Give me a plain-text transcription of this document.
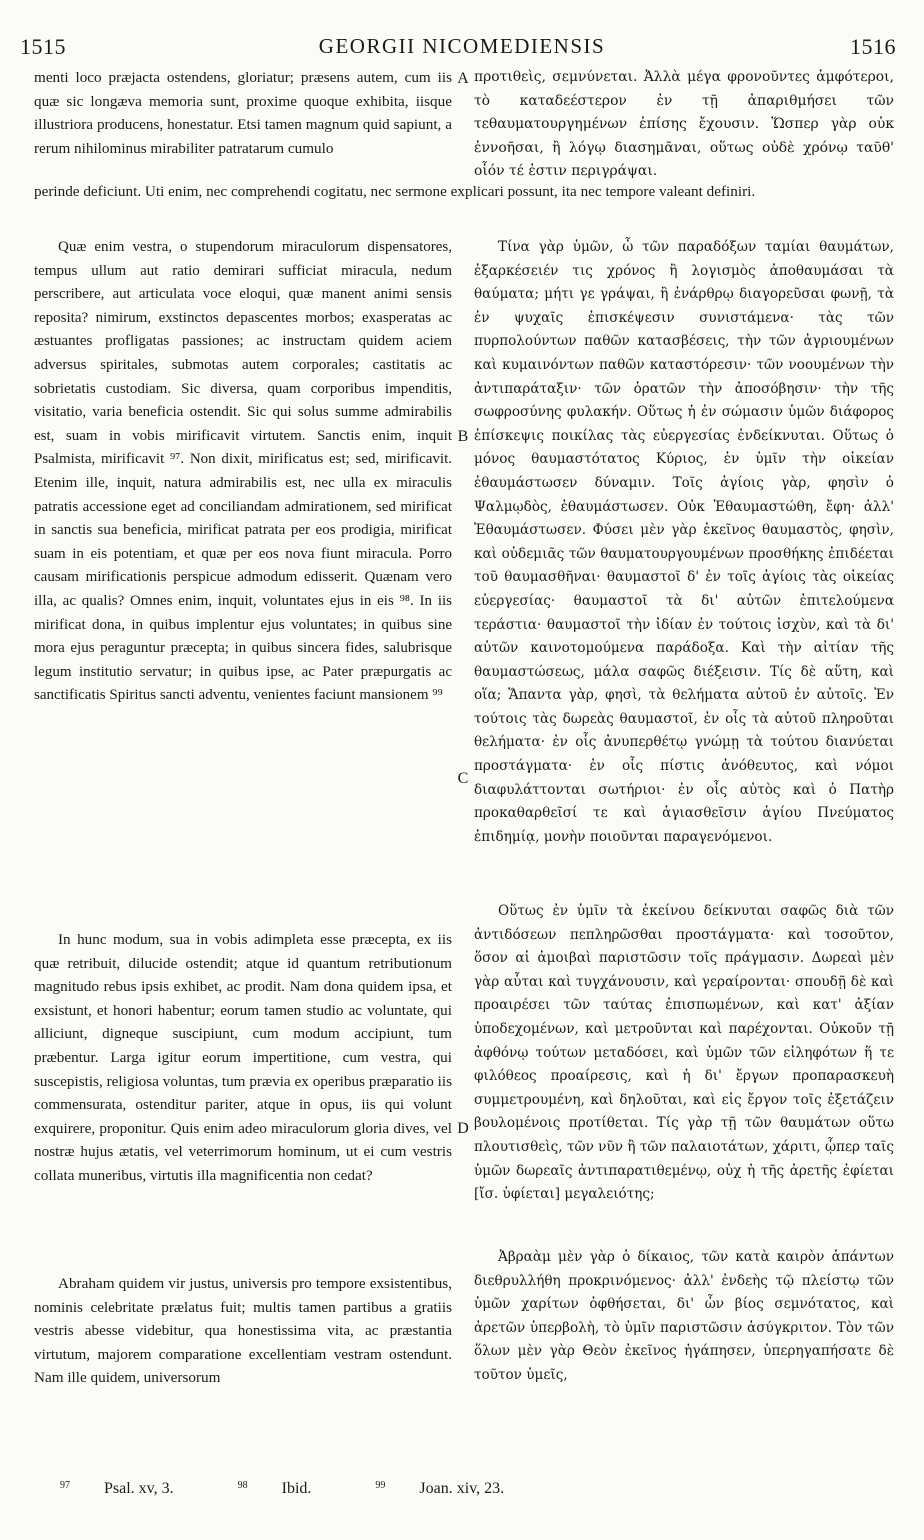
1515	GEORGII NICOMEDIENSIS	1516

menti loco præjacta ostendens, gloriatur; præsens autem, cum iis quæ sic longæva memoria sunt, proxime quoque exhibita, iisque illustriora producens, honestatur. Etsi tamen magnum quid sapiunt, a rerum nihilominus mirabiliter patratarum cumulo

perinde deficiunt. Uti enim, nec comprehendi cogitatu, nec sermone explicari possunt, ita nec tempore valeant definiri.

Quæ enim vestra, o stupendorum miraculorum dispensatores, tempus ullum aut ratio demirari sufficiat miracula, nedum perscribere, aut articulata voce eloqui, quæ manent animi sensis reposita? nimirum, exstinctos depascentes morbos; exasperatas ac æstuantes profligatas passiones; ac instructam quidem aciem adversus spiritales, submotas autem corporales; castitatis ac sobrietatis custodiam. Sic diversa, quam corporibus impenditis, visitatio, varia beneficia ostendit. Sic qui solus summe admirabilis est, suam in vobis mirificavit virtutem. Sanctis enim, inquit Psalmista, mirificavit ⁹⁷. Non dixit, mirificatus est; sed, mirificavit. Etenim ille, inquit, natura admirabilis est, nec ulla ex miraculis patratis accessione eget ad conciliandam admirationem, sed mirificat in sanctis sua beneficia, mirificat patrata per eos prodigia, mirificat suam in eis potentiam, et quæ per eos nova fiunt miracula. Porro causam mirificationis perspicue admodum edisserit. Quænam vero illa, ac qualis? Omnes enim, inquit, voluntates ejus in eis ⁹⁸. In iis mirificat dona, in quibus implentur ejus voluntates; in quibus sine mora ejus peraguntur præcepta; in quibus sincera fides, salubrisque legum institutio servatur; in quibus ipse, ac Pater præpurgatis ac sanctificatis Spiritus sancti adventu, venientes faciunt mansionem ⁹⁹

In hunc modum, sua in vobis adimpleta esse præcepta, ex iis quæ retribuit, dilucide ostendit; atque id quantum retributionum magnitudo rebus ipsis exhibet, ac prodit. Nam dona quidem ipsa, et exsistunt, et honori habentur; eorum tamen studio ac voluntate, qui alliciunt, digneque suscipiunt, cum modum accipiunt, tum præbentur. Larga igitur eorum impertitione, cum vestra, qui suscepistis, religiosa voluntas, tum prævia ex operibus præparatio iis commensurata, ostenditur pariter, atque in opus, iis qui volunt exquirere, proponitur. Quis enim adeo miraculorum gloria dives, vel nostræ hujus ætatis, vel veterrimorum hominum, ut ei cum vestris collata muneribus, virtutis illa magnificentia non cedat?

Abraham quidem vir justus, universis pro tempore exsistentibus, nominis celebritate prælatus fuit; multis tamen partibus a gratiis vestris abesse videbitur, qua honestissima vita, ac præstantia virtutum, majorem comparatione excellentiam vestram ostendunt. Nam ille quidem, universorum

A
B
C
D

προτιθεὶς, σεμνύνεται. Ἀλλὰ μέγα φρονοῦντες ἀμφότεροι, τὸ καταδεέστερον ἐν τῇ ἀπαριθμήσει τῶν τεθαυματουργημένων ἐπίσης ἔχουσιν. Ὥσπερ γὰρ οὐκ ἐννοῆσαι, ἢ λόγῳ διασημᾶναι, οὕτως οὐδὲ χρόνῳ ταῦθ' οἷόν τέ ἐστιν περιγράψαι.

Τίνα γὰρ ὑμῶν, ὦ τῶν παραδόξων ταμίαι θαυμάτων, ἐξαρκέσειέν τις χρόνος ἢ λογισμὸς ἀποθαυμάσαι τὰ θαύματα; μήτι γε γράψαι, ἢ ἐνάρθρῳ διαγορεῦσαι φωνῇ, τὰ ἐν ψυχαῖς ἐπισκέψεσιν συνιστάμενα· τὰς τῶν πυρπολούντων παθῶν κατασβέσεις, τὴν τῶν ἀγριουμένων καὶ κυμαινόντων παθῶν καταστόρεσιν· τῶν νοουμένων τὴν ἀντιπαράταξιν· τῶν ὁρατῶν τὴν ἀποσόβησιν· τὴν τῆς σωφροσύνης φυλακήν. Οὕτως ἡ ἐν σώμασιν ὑμῶν διάφορος ἐπίσκεψις ποικίλας τὰς εὐεργεσίας ἐνδείκνυται. Οὕτως ὁ μόνος θαυμαστότατος Κύριος, ἐν ὑμῖν τὴν οἰκείαν ἐθαυμάστωσεν δύναμιν. Τοῖς ἁγίοις γὰρ, φησὶν ὁ Ψαλμῳδὸς, ἐθαυμάστωσεν. Οὐκ Ἐθαυμαστώθη, ἔφη· ἀλλ' Ἐθαυμάστωσεν. Φύσει μὲν γὰρ ἐκεῖνος θαυμαστὸς, φησὶν, καὶ οὐδεμιᾶς τῶν θαυματουργουμένων προσθήκης ἐπιδέεται τοῦ θαυμασθῆναι· θαυμαστοῖ δ' ἐν τοῖς ἁγίοις τὰς οἰκείας εὐεργεσίας· θαυμαστοῖ τὰ δι' αὐτῶν ἐπιτελούμενα τεράστια· θαυμαστοῖ τὴν ἰδίαν ἐν τούτοις ἰσχὺν, καὶ τὰ δι' αὐτῶν καινοτομούμενα παράδοξα. Καὶ τὴν αἰτίαν τῆς θαυμαστώσεως, μάλα σαφῶς διέξεισιν. Τίς δὲ αὕτη, καὶ οἵα; Ἅπαντα γὰρ, φησὶ, τὰ θελήματα αὐτοῦ ἐν αὐτοῖς. Ἐν τούτοις τὰς δωρεὰς θαυμαστοῖ, ἐν οἷς τὰ αὐτοῦ πληροῦται θελήματα· ἐν οἷς ἀνυπερθέτῳ γνώμῃ τὰ τούτου διανύεται προστάγματα· ἐν οἷς πίστις ἀνόθευτος, καὶ νόμοι διαφυλάττονται σωτήριοι· ἐν οἷς αὐτὸς καὶ ὁ Πατὴρ προκαθαρθεῖσί τε καὶ ἁγιασθεῖσιν ἁγίου Πνεύματος ἐπιδημίᾳ, μονὴν ποιοῦνται παραγενόμενοι.

Οὕτως ἐν ὑμῖν τὰ ἐκείνου δείκνυται σαφῶς διὰ τῶν ἀντιδόσεων πεπληρῶσθαι προστάγματα· καὶ τοσοῦτον, ὅσον αἱ ἀμοιβαὶ παριστῶσιν τοῖς πράγμασιν. Δωρεαὶ μὲν γὰρ αὗται καὶ τυγχάνουσιν, καὶ γεραίρονται· σπουδῇ δὲ καὶ προαιρέσει τῶν ταύτας ἐπισπωμένων, καὶ κατ' ἀξίαν ὑποδεχομένων, καὶ μετροῦνται καὶ παρέχονται. Οὐκοῦν τῇ ἀφθόνῳ τούτων μεταδόσει, καὶ ὑμῶν τῶν εἰληφότων ἥ τε φιλόθεος προαίρεσις, καὶ ἡ δι' ἔργων προπαρασκευὴ συμμετρουμένη, καὶ δηλοῦται, καὶ εἰς ἔργον τοῖς ἐξετάζειν βουλομένοις προτίθεται. Τίς γὰρ τῇ τῶν θαυμάτων οὕτω πλουτισθεὶς, τῶν νῦν ἢ τῶν παλαιοτάτων, χάριτι, ᾧπερ ταῖς ὑμῶν δωρεαῖς ἀντιπαρατιθεμένῳ, οὐχ ἡ τῆς ἀρετῆς ἐφίεται [ἴσ. ὑφίεται] μεγαλειότης;

Ἀβραὰμ μὲν γὰρ ὁ δίκαιος, τῶν κατὰ καιρὸν ἁπάντων διεθρυλλήθη προκρινόμενος· ἀλλ' ἐνδεὴς τῷ πλείστῳ τῶν ὑμῶν χαρίτων ὀφθήσεται, δι' ὧν βίος σεμνότατος, καὶ ἀρετῶν ὑπερβολὴ, τὸ ὑμῖν παριστῶσιν ἀσύγκριτον. Τὸν τῶν ὅλων μὲν γὰρ Θεὸν ἐκεῖνος ἠγάπησεν, ὑπερηγαπήσατε δὲ τοῦτον ὑμεῖς,

$^{97}$ Psal. xv, 3.	$^{98}$ Ibid.	$^{99}$ Joan. xiv, 23.
